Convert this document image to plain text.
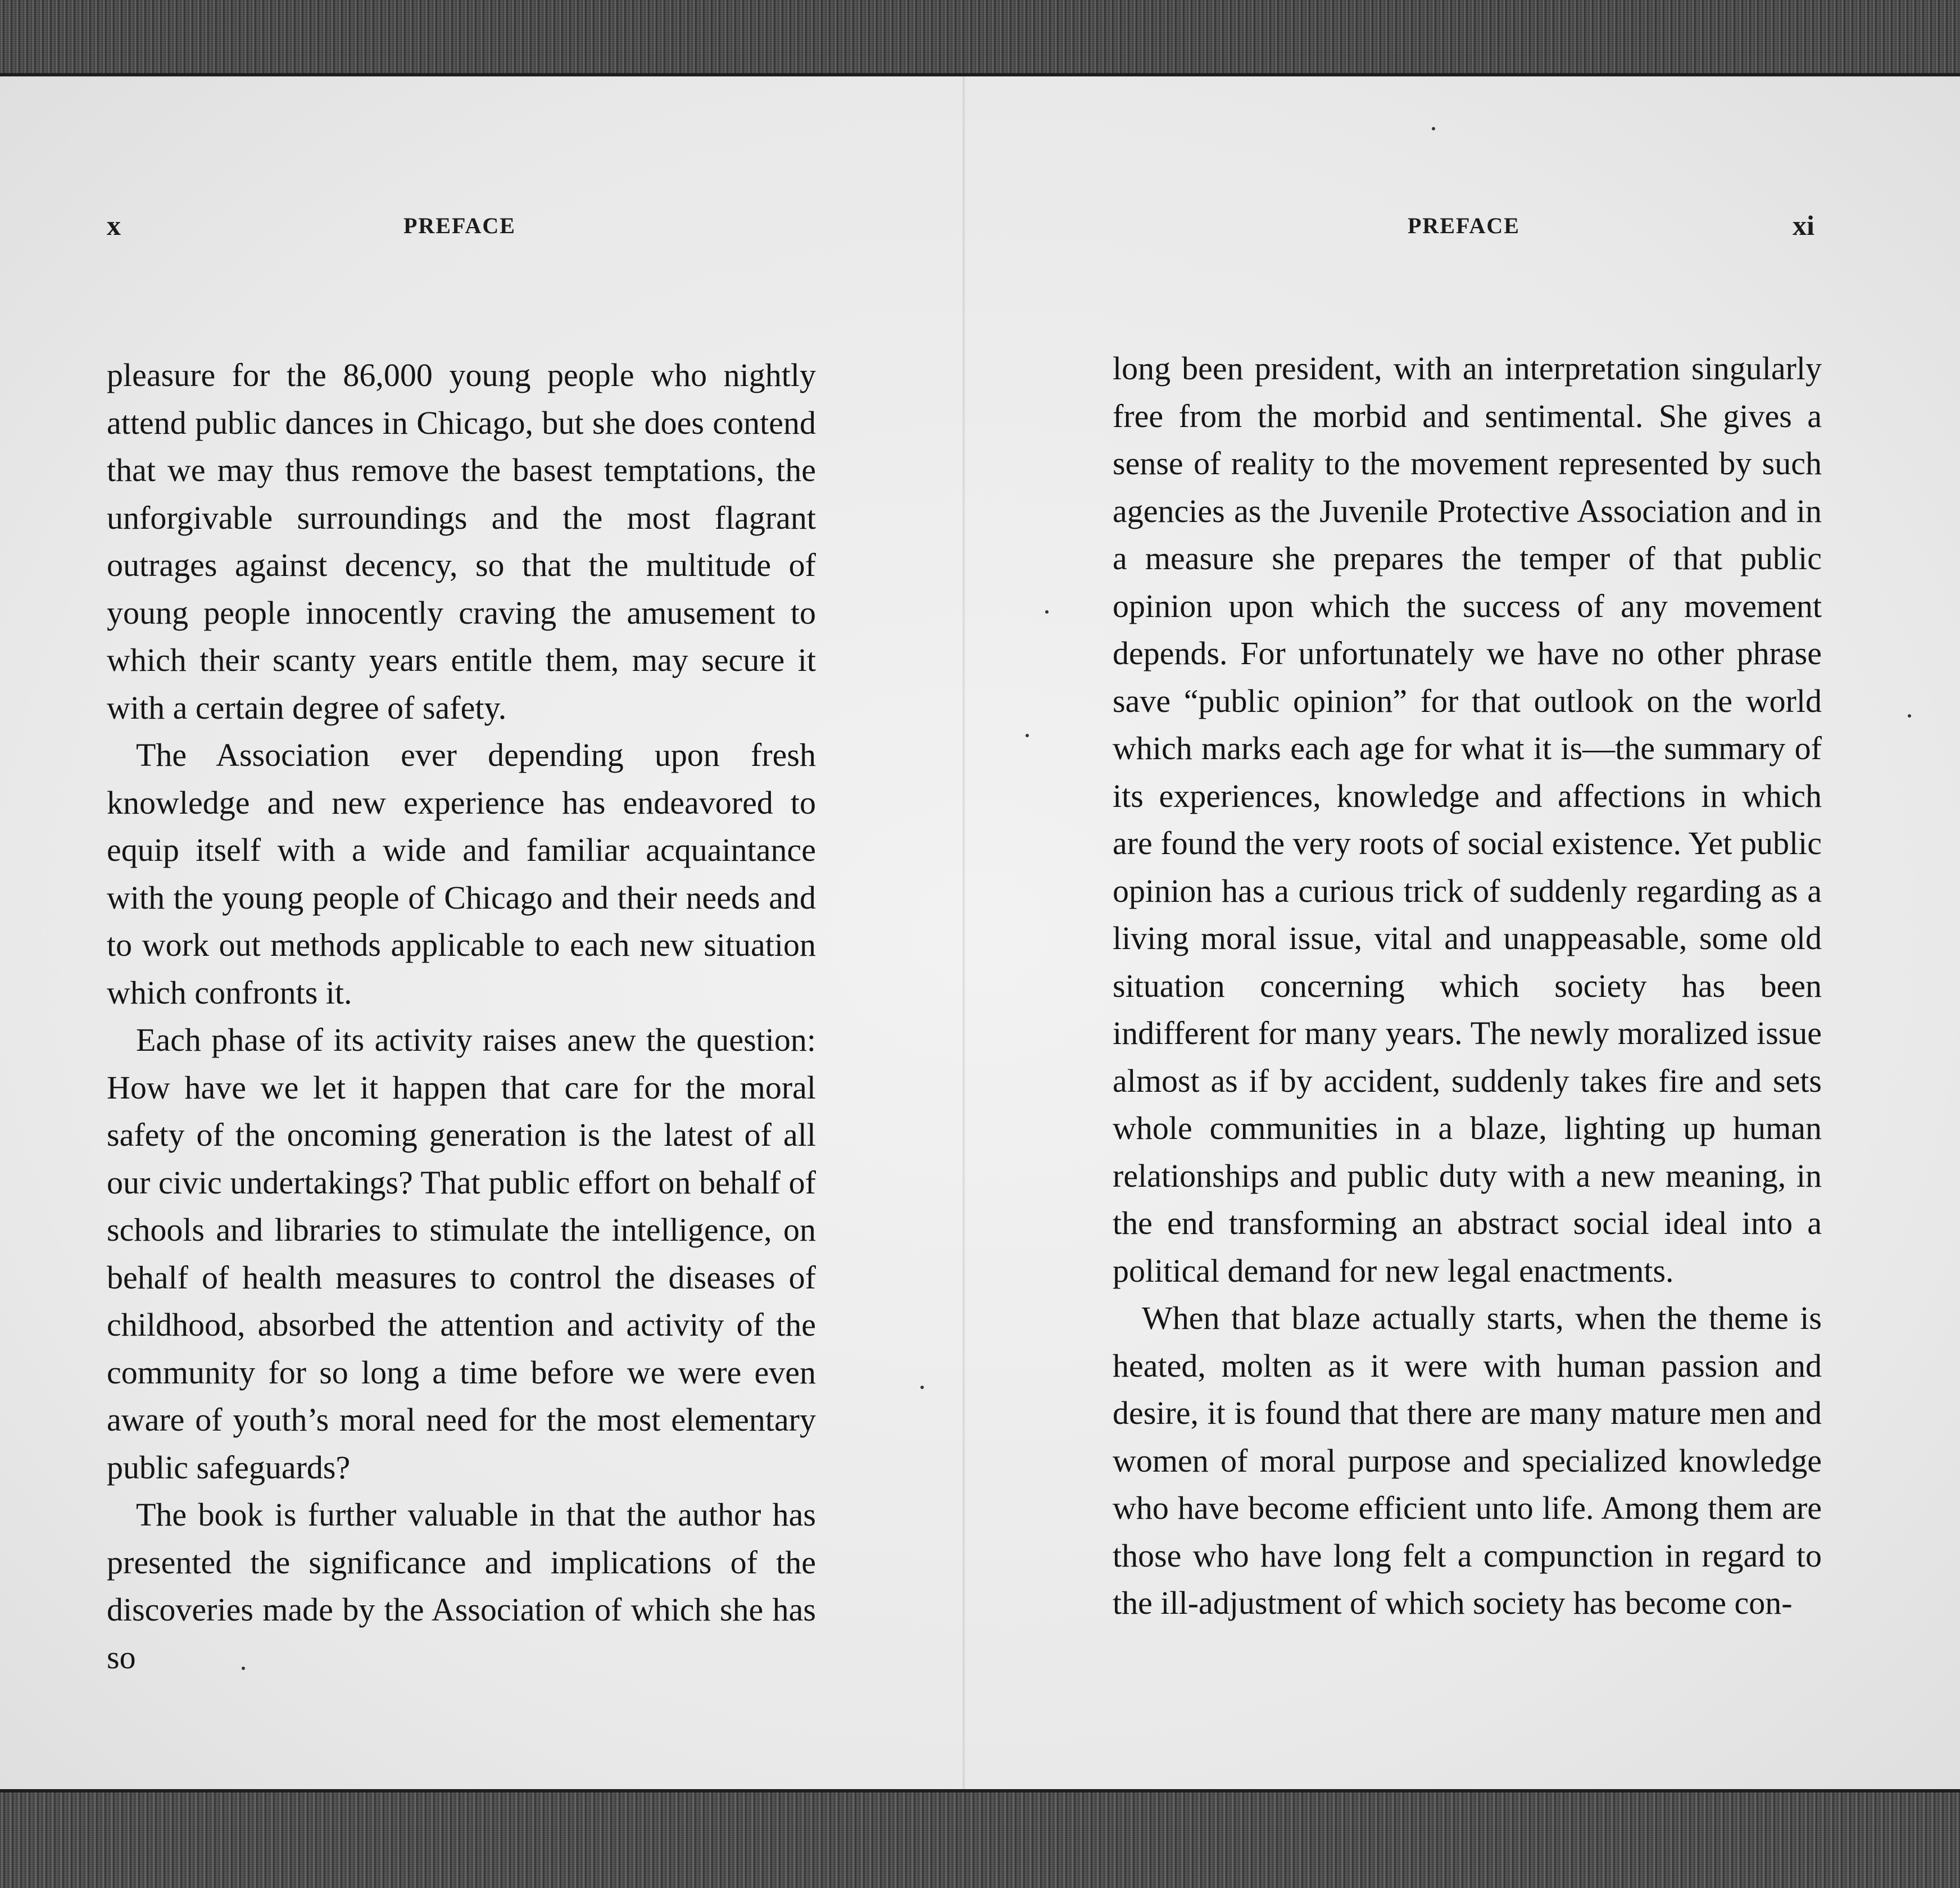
x	PREFACE

pleasure for the 86,000 young people who nightly attend public dances in Chicago, but she does contend that we may thus remove the basest temptations, the unforgivable surroundings and the most flagrant outrages against decency, so that the multitude of young people innocently craving the amusement to which their scanty years entitle them, may secure it with a certain degree of safety.

The Association ever depending upon fresh knowledge and new experience has endeavored to equip itself with a wide and familiar acquaintance with the young people of Chicago and their needs and to work out methods applicable to each new situation which confronts it.

Each phase of its activity raises anew the question: How have we let it happen that care for the moral safety of the oncoming generation is the latest of all our civic undertakings? That public effort on behalf of schools and libraries to stimulate the intelligence, on behalf of health measures to control the diseases of childhood, absorbed the attention and activity of the community for so long a time before we were even aware of youth’s moral need for the most elementary public safeguards?

The book is further valuable in that the author has presented the significance and implications of the discoveries made by the Association of which she has so

PREFACE	xi

long been president, with an interpretation singularly free from the morbid and sentimental. She gives a sense of reality to the movement represented by such agencies as the Juvenile Protective Association and in a measure she prepares the temper of that public opinion upon which the success of any movement depends. For unfortunately we have no other phrase save “public opinion” for that outlook on the world which marks each age for what it is—the summary of its experiences, knowledge and affections in which are found the very roots of social existence. Yet public opinion has a curious trick of suddenly regarding as a living moral issue, vital and unappeasable, some old situation concerning which society has been indifferent for many years. The newly moralized issue almost as if by accident, suddenly takes fire and sets whole communities in a blaze, lighting up human relationships and public duty with a new meaning, in the end transforming an abstract social ideal into a political demand for new legal enactments.

When that blaze actually starts, when the theme is heated, molten as it were with human passion and desire, it is found that there are many mature men and women of moral purpose and specialized knowledge who have become efficient unto life. Among them are those who have long felt a compunction in regard to the ill-adjustment of which society has become con-
